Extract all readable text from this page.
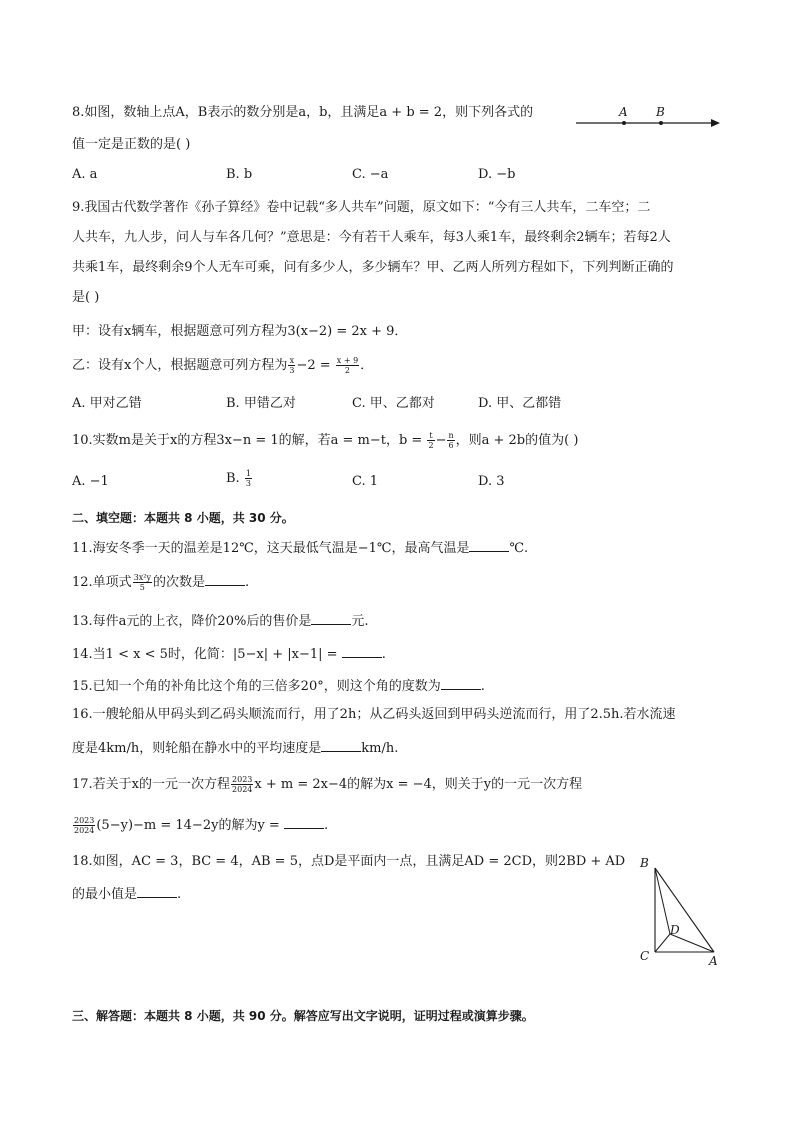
8.如图，数轴上点A，B表示的数分别是a，b，且满足a + b = 2，则下列各式的
值一定是正数的是( )
A B
A. a	B. b	C. −a	D. −b
9.我国古代数学著作《孙子算经》卷中记载“多人共车”问题，原文如下：“今有三人共车，二车空；二
人共车，九人步，问人与车各几何？”意思是：今有若干人乘车，每3人乘1车，最终剩余2辆车；若每2人
共乘1车，最终剩余9个人无车可乘，问有多少人，多少辆车？甲、乙两人所列方程如下，下列判断正确的
是( )
甲：设有x辆车，根据题意可列方程为3(x−2) = 2x + 9．
乙：设有x个人，根据题意可列方程为 $\frac{x}{3} -2 = \frac{x + 9}{2}$ ．
A. 甲对乙错	B. 甲错乙对	C. 甲、乙都对	D. 甲、乙都错
10.实数m是关于x的方程3x−n = 1的解，若a = m−t，$b = \frac{t}{2} - \frac{n}{6}$ ，则a + 2b的值为( )
A. −1	B. $\frac{1}{3}$	C. 1	D. 3
二、填空题：本题共 8 小题，共 30 分。
11.海安冬季一天的温差是12℃，这天最低气温是−1℃，最高气温是	℃.
12.单项式 $\frac{\text{3x²y}}{5}$ 的次数是	.
13.每件a元的上衣，降价20%后的售价是	元.
14.当1 < x < 5时，化简：|5−x| + |x−1| =	.
15.已知一个角的补角比这个角的三倍多20°，则这个角的度数为	.
16.一艘轮船从甲码头到乙码头顺流而行，用了2h；从乙码头返回到甲码头逆流而行，用了2.5h.若水流速
度是4km/h，则轮船在静水中的平均速度是	km/h.
17.若关于x的一元一次方程 $\frac{2023}{2024}$ x + m = 2x−4的解为x = −4，则关于y的一元一次方程
$\frac{2023}{2024} (5-y)-m = 14-2y$的解为y =	.
18.如图，AC = 3，BC = 4，AB = 5，点D是平面内一点，且满足AD = 2CD，则2BD + AD
的最小值是	.
B
D
C	A
三、解答题：本题共 8 小题，共 90 分。解答应写出文字说明，证明过程或演算步骤。
